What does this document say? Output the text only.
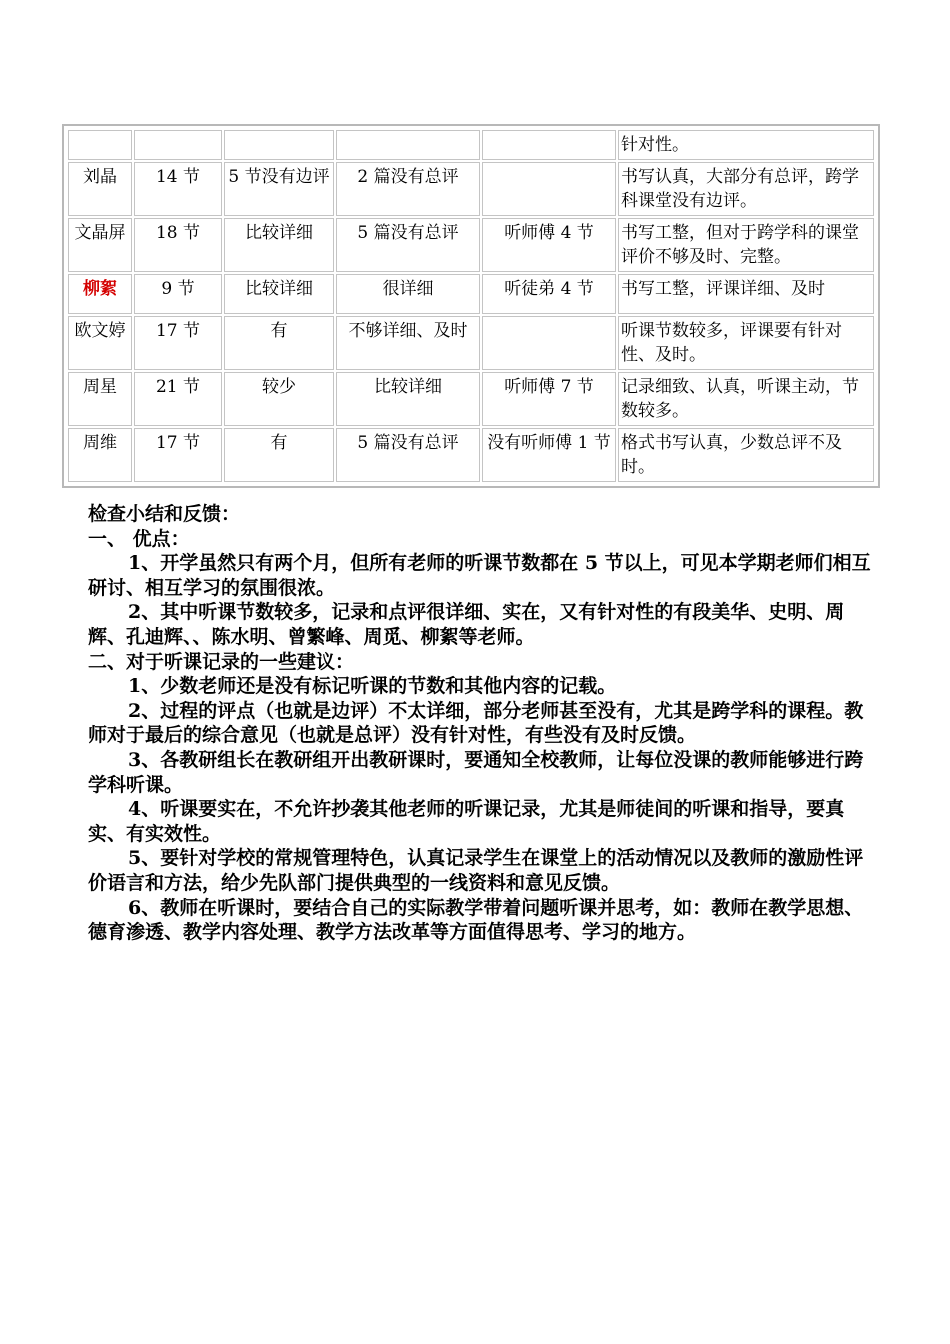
					针对性。
刘晶	14 节	5 节没有边评	2 篇没有总评		书写认真，大部分有总评，跨学科课堂没有边评。
文晶屏	18 节	比较详细	5 篇没有总评	听师傅 4 节	书写工整，但对于跨学科的课堂评价不够及时、完整。
柳絮	9 节	比较详细	很详细	听徒弟 4 节	书写工整，评课详细、及时
欧文婷	17 节	有	不够详细、及时		听课节数较多，评课要有针对性、及时。
周星	21 节	较少	比较详细	听师傅 7 节	记录细致、认真，听课主动，节数较多。
周维	17 节	有	5 篇没有总评	没有听师傅 1 节	格式书写认真，少数总评不及时。

检查小结和反馈：

一、 优点：

1、开学虽然只有两个月，但所有老师的听课节数都在 5 节以上，可见本学期老师们相互研讨、相互学习的氛围很浓。

2、其中听课节数较多，记录和点评很详细、实在，又有针对性的有段美华、史明、周辉、孔迪辉、、陈水明、曾繁峰、周觅、柳絮等老师。

二、对于听课记录的一些建议：

1、少数老师还是没有标记听课的节数和其他内容的记载。

2、过程的评点（也就是边评）不太详细，部分老师甚至没有，尤其是跨学科的课程。教师对于最后的综合意见（也就是总评）没有针对性，有些没有及时反馈。

3、各教研组长在教研组开出教研课时，要通知全校教师，让每位没课的教师能够进行跨学科听课。

4、听课要实在，不允许抄袭其他老师的听课记录，尤其是师徒间的听课和指导，要真实、有实效性。

5、要针对学校的常规管理特色，认真记录学生在课堂上的活动情况以及教师的激励性评价语言和方法，给少先队部门提供典型的一线资料和意见反馈。

6、教师在听课时，要结合自己的实际教学带着问题听课并思考，如：教师在教学思想、德育渗透、教学内容处理、教学方法改革等方面值得思考、学习的地方。
